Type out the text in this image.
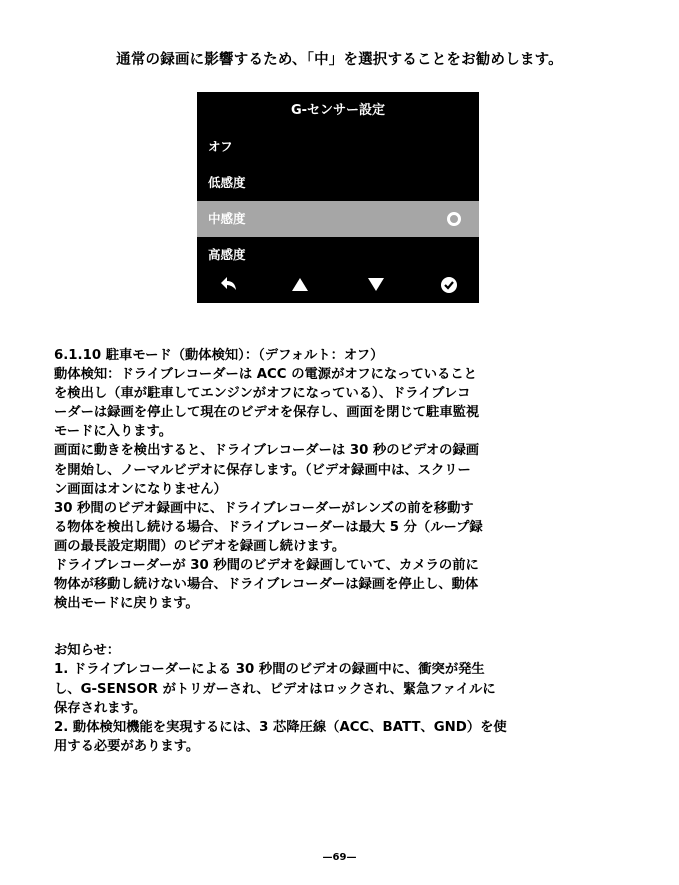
通常の録画に影響するため、「中」を選択することをお勧めします。
G-センサー設定
オフ
低感度
中感度
高感度

6.1.10 駐車モード（動体検知）：（デフォルト：オフ）

動体検知：ドライブレコーダーは ACC の電源がオフになっていること

を検出し（車が駐車してエンジンがオフになっている）、ドライブレコ

ーダーは録画を停止して現在のビデオを保存し、画面を閉じて駐車監視

モードに入ります。

画面に動きを検出すると、ドライブレコーダーは 30 秒のビデオの録画

を開始し、ノーマルビデオに保存します。（ビデオ録画中は、スクリー

ン画面はオンになりません）

30 秒間のビデオ録画中に、ドライブレコーダーがレンズの前を移動す

る物体を検出し続ける場合、ドライブレコーダーは最大 5 分（ループ録

画の最長設定期間）のビデオを録画し続けます。

ドライブレコーダーが 30 秒間のビデオを録画していて、カメラの前に

物体が移動し続けない場合、ドライブレコーダーは録画を停止し、動体

検出モードに戻ります。

お知らせ：

1. ドライブレコーダーによる 30 秒間のビデオの録画中に、衝突が発生

し、G-SENSOR がトリガーされ、ビデオはロックされ、緊急ファイルに

保存されます。

2. 動体検知機能を実現するには、3 芯降圧線（ACC、BATT、GND）を使

用する必要があります。

—69—
